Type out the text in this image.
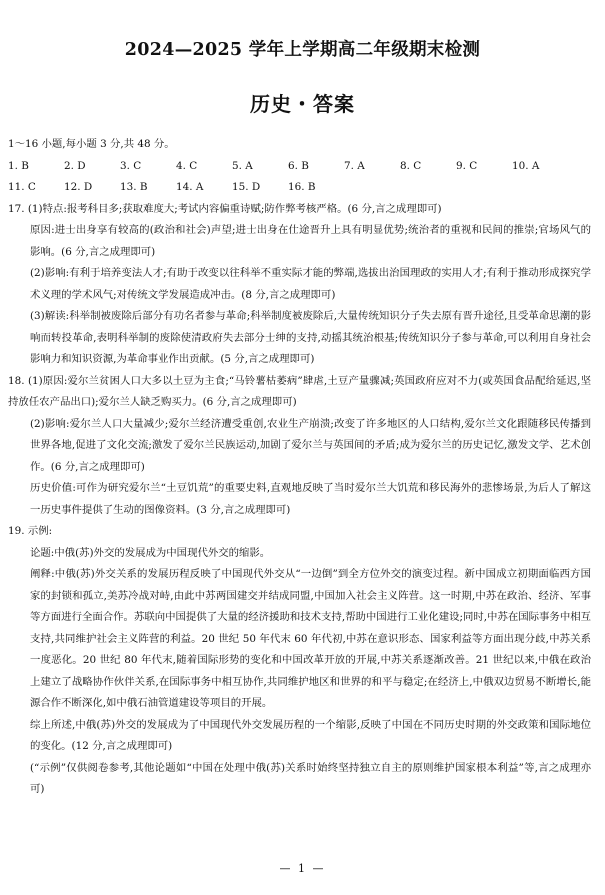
2024—2025 学年上学期高二年级期末检测
历史・答案
1～16 小题,每小题 3 分,共 48 分。
1. B	2. D	3. C	4. C	5. A	6. B	7. A	8. C	9. C	10. A
11. C	12. D	13. B	14. A	15. D	16. B
17. (1)特点:报考科目多;获取难度大;考试内容偏重诗赋;防作弊考核严格。(6 分,言之成理即可)
原因:进士出身享有较高的(政治和社会)声望;进士出身在仕途晋升上具有明显优势;统治者的重视和民间的推崇;官场风气的影响。(6 分,言之成理即可)
(2)影响:有利于培养变法人才;有助于改变以往科举不重实际才能的弊端,选拔出治国理政的实用人才;有利于推动形成探究学术义理的学术风气;对传统文学发展造成冲击。(8 分,言之成理即可)
(3)解读:科举制被废除后部分有功名者参与革命;科举制度被废除后,大量传统知识分子失去原有晋升途径,且受革命思潮的影响而转投革命,表明科举制的废除使清政府失去部分士绅的支持,动摇其统治根基;传统知识分子参与革命,可以利用自身社会影响力和知识资源,为革命事业作出贡献。(5 分,言之成理即可)
18. (1)原因:爱尔兰贫困人口大多以土豆为主食;“马铃薯枯萎病”肆虐,土豆产量骤减;英国政府应对不力(或英国食品配给延迟,坚持放任农产品出口);爱尔兰人缺乏购买力。(6 分,言之成理即可)
(2)影响:爱尔兰人口大量减少;爱尔兰经济遭受重创,农业生产崩溃;改变了许多地区的人口结构,爱尔兰文化跟随移民传播到世界各地,促进了文化交流;激发了爱尔兰民族运动,加剧了爱尔兰与英国间的矛盾;成为爱尔兰的历史记忆,激发文学、艺术创作。(6 分,言之成理即可)
历史价值:可作为研究爱尔兰“土豆饥荒”的重要史料,直观地反映了当时爱尔兰大饥荒和移民海外的悲惨场景,为后人了解这一历史事件提供了生动的图像资料。(3 分,言之成理即可)
19. 示例:
论题:中俄(苏)外交的发展成为中国现代外交的缩影。
阐释:中俄(苏)外交关系的发展历程反映了中国现代外交从“一边倒”到全方位外交的演变过程。新中国成立初期面临西方国家的封锁和孤立,美苏冷战对峙,由此中苏两国建交并结成同盟,中国加入社会主义阵营。这一时期,中苏在政治、经济、军事等方面进行全面合作。苏联向中国提供了大量的经济援助和技术支持,帮助中国进行工业化建设;同时,中苏在国际事务中相互支持,共同维护社会主义阵营的利益。20 世纪 50 年代末 60 年代初,中苏在意识形态、国家利益等方面出现分歧,中苏关系一度恶化。20 世纪 80 年代末,随着国际形势的变化和中国改革开放的开展,中苏关系逐渐改善。21 世纪以来,中俄在政治上建立了战略协作伙伴关系,在国际事务中相互协作,共同维护地区和世界的和平与稳定;在经济上,中俄双边贸易不断增长,能源合作不断深化,如中俄石油管道建设等项目的开展。
综上所述,中俄(苏)外交的发展成为了中国现代外交发展历程的一个缩影,反映了中国在不同历史时期的外交政策和国际地位的变化。(12 分,言之成理即可)
(“示例”仅供阅卷参考,其他论题如“中国在处理中俄(苏)关系时始终坚持独立自主的原则维护国家根本利益”等,言之成理亦可)
— 1 —
